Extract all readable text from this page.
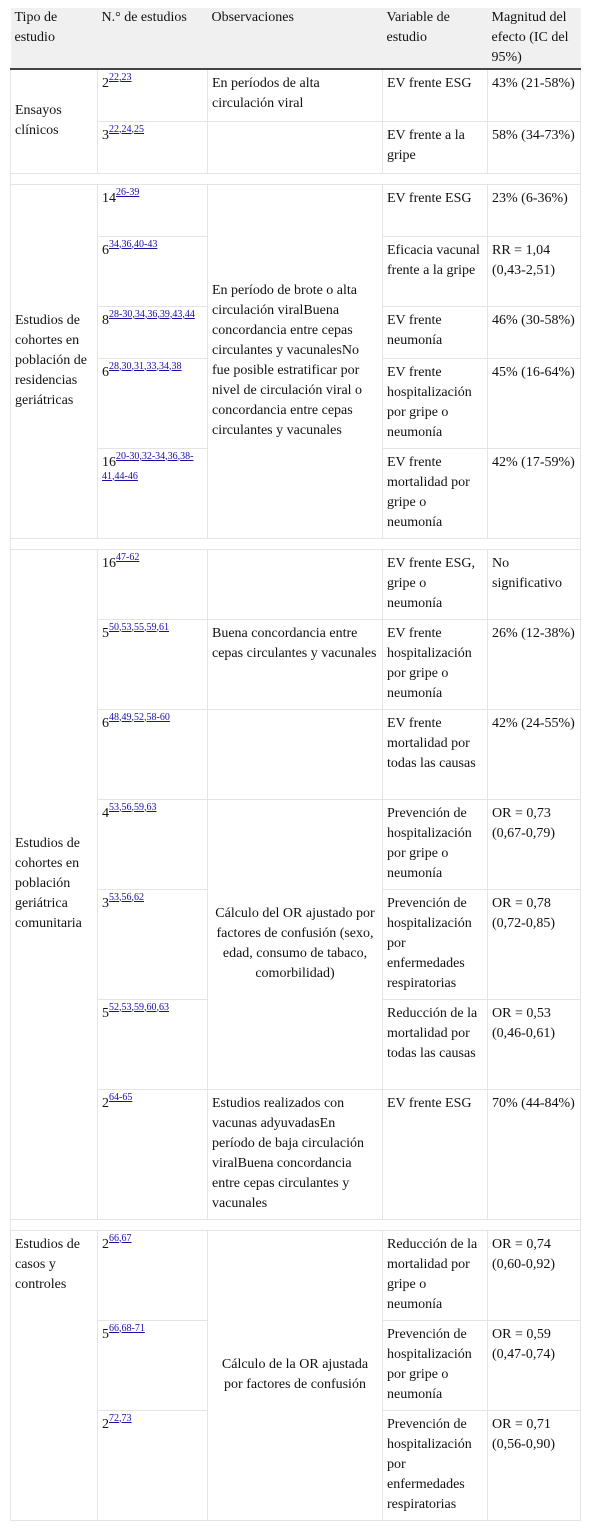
Tipo de estudio	N.° de estudios	Observaciones	Variable de estudio	Magnitud del efecto (IC del 95%)
Ensayos clínicos	2$^{22,23}$	En períodos de alta circulación viral	EV frente ESG	43% (21-58%)
	3$^{22,24,25}$		EV frente a la gripe	58% (34-73%)

Estudios de cohortes en población de residencias geriátricas	14$^{26-39}$	En período de brote o alta circulación viralBuena concordancia entre cepas circulantes y vacunalesNo fue posible estratificar por nivel de circulación viral o concordancia entre cepas circulantes y vacunales	EV frente ESG	23% (6-36%)
	6$^{34,36,40-43}$		Eficacia vacunal frente a la gripe	RR = 1,04 (0,43-2,51)
	8$^{28-30,34,36,39,43,44}$		EV frente neumonía	46% (30-58%)
	6$^{28,30,31,33,34,38}$		EV frente hospitalización por gripe o neumonía	45% (16-64%)
	16$^{20-30,32-34,36,38-41,44-46}$		EV frente mortalidad por gripe o neumonía	42% (17-59%)

Estudios de cohortes en población geriátrica comunitaria	16$^{47-62}$		EV frente ESG, gripe o neumonía	No significativo
	5$^{50,53,55,59,61}$	Buena concordancia entre cepas circulantes y vacunales	EV frente hospitalización por gripe o neumonía	26% (12-38%)
	6$^{48,49,52,58-60}$		EV frente mortalidad por todas las causas	42% (24-55%)
	4$^{53,56,59,63}$	Cálculo del OR ajustado por factores de confusión (sexo, edad, consumo de tabaco, comorbilidad)	Prevención de hospitalización por gripe o neumonía	OR = 0,73 (0,67-0,79)
	3$^{53,56,62}$		Prevención de hospitalización por enfermedades respiratorias	OR = 0,78 (0,72-0,85)
	5$^{52,53,59,60,63}$		Reducción de la mortalidad por todas las causas	OR = 0,53 (0,46-0,61)
	2$^{64-65}$	Estudios realizados con vacunas adyuvadasEn período de baja circulación viralBuena concordancia entre cepas circulantes y vacunales	EV frente ESG	70% (44-84%)

Estudios de casos y controles	2$^{66,67}$	Cálculo de la OR ajustada por factores de confusión	Reducción de la mortalidad por gripe o neumonía	OR = 0,74 (0,60-0,92)
	5$^{66,68-71}$		Prevención de hospitalización por gripe o neumonía	OR = 0,59 (0,47-0,74)
	2$^{72,73}$		Prevención de hospitalización por enfermedades respiratorias	OR = 0,71 (0,56-0,90)
